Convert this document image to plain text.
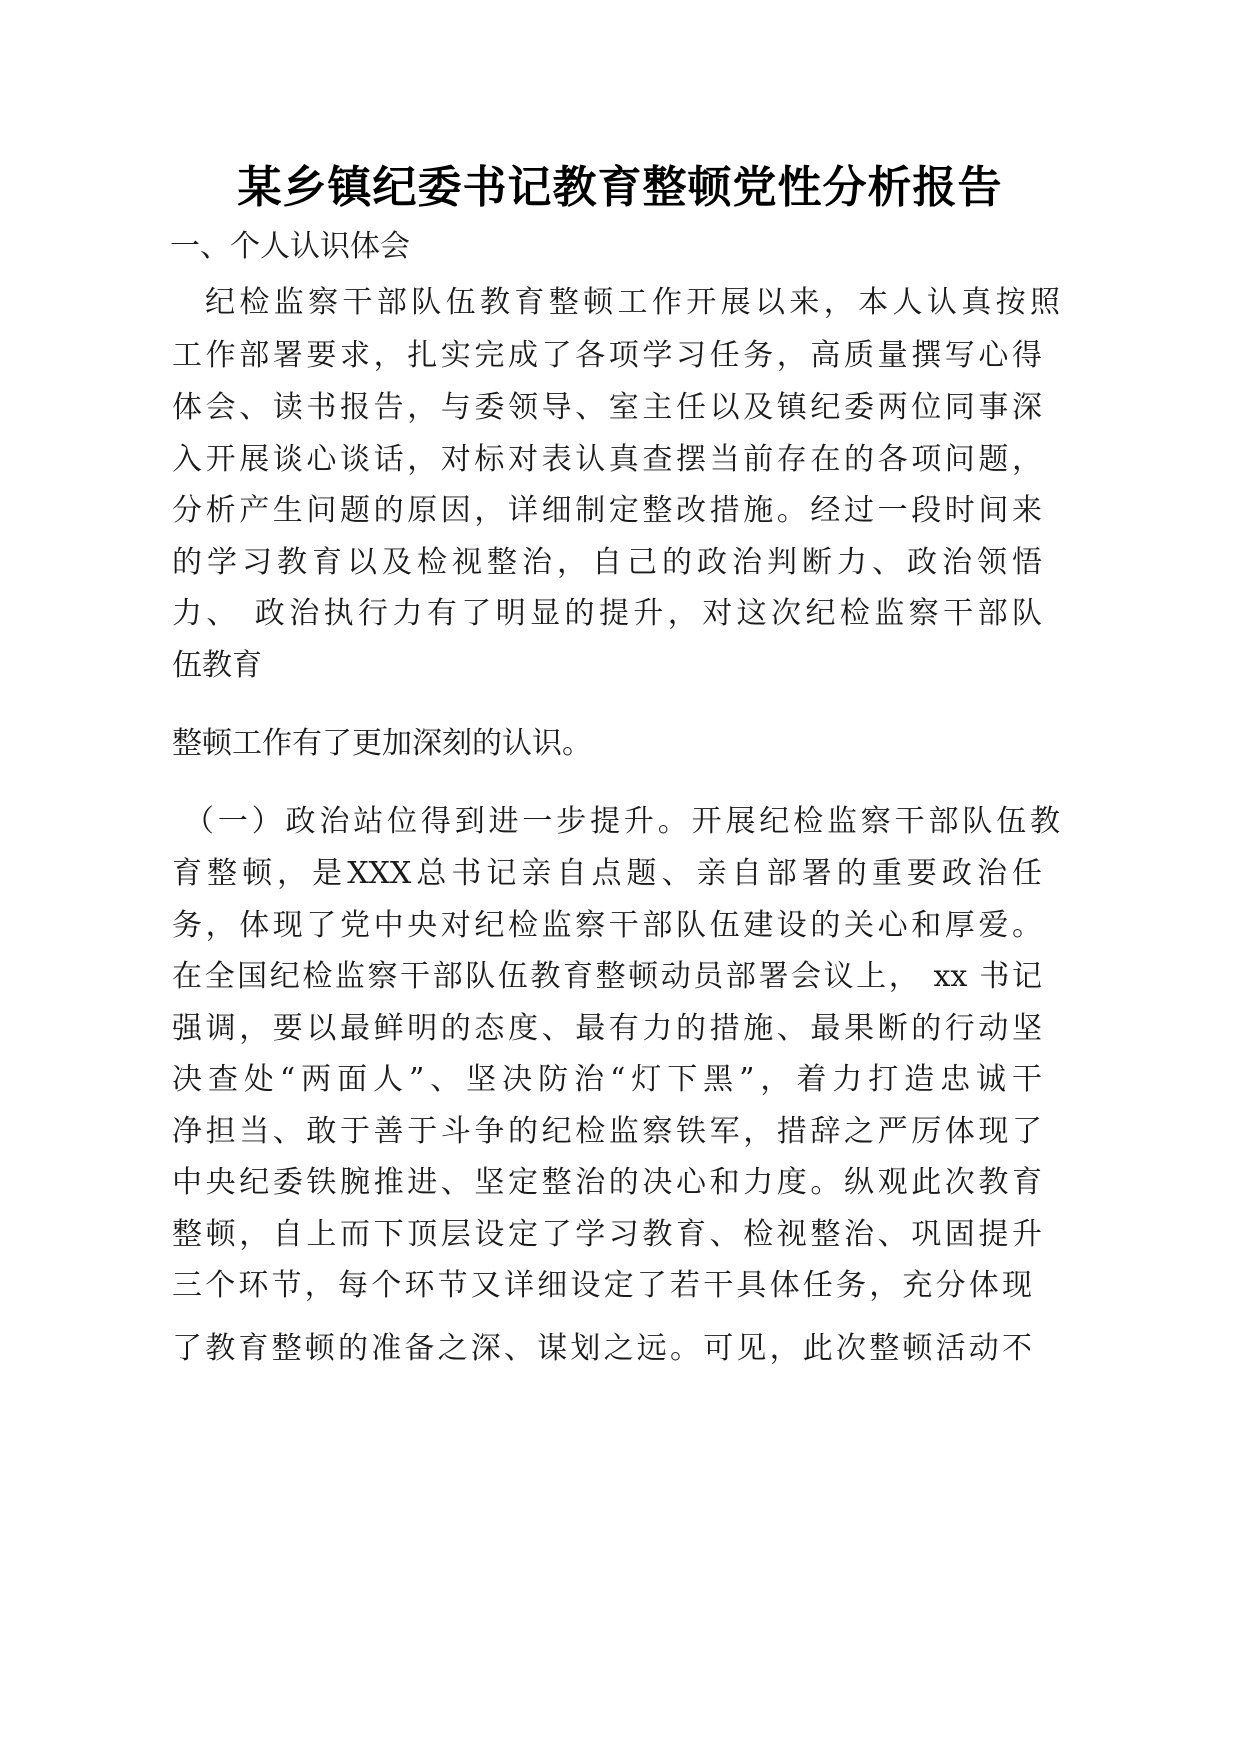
某乡镇纪委书记教育整顿党性分析报告
一、个人认识体会
纪检监察干部队伍教育整顿工作开展以来，本人认真按照
工作部署要求，扎实完成了各项学习任务，高质量撰写心得
体会、读书报告，与委领导、室主任以及镇纪委两位同事深
入开展谈心谈话，对标对表认真查摆当前存在的各项问题，
分析产生问题的原因，详细制定整改措施。经过一段时间来
的学习教育以及检视整治，自己的政治判断力、政治领悟
力、 政治执行力有了明显的提升，对这次纪检监察干部队
伍教育
整顿工作有了更加深刻的认识。
（一）政治站位得到进一步提升。开展纪检监察干部队伍教
育整顿，是XXX总书记亲自点题、亲自部署的重要政治任
务，体现了党中央对纪检监察干部队伍建设的关心和厚爱。
在全国纪检监察干部队伍教育整顿动员部署会议上， xx 书记
强调，要以最鲜明的态度、最有力的措施、最果断的行动坚
决查处“两面人”、坚决防治“灯下黑”，着力打造忠诚干
净担当、敢于善于斗争的纪检监察铁军，措辞之严厉体现了
中央纪委铁腕推进、坚定整治的决心和力度。纵观此次教育
整顿，自上而下顶层设定了学习教育、检视整治、巩固提升
三个环节，每个环节又详细设定了若干具体任务，充分体现
了教育整顿的准备之深、谋划之远。可见，此次整顿活动不
